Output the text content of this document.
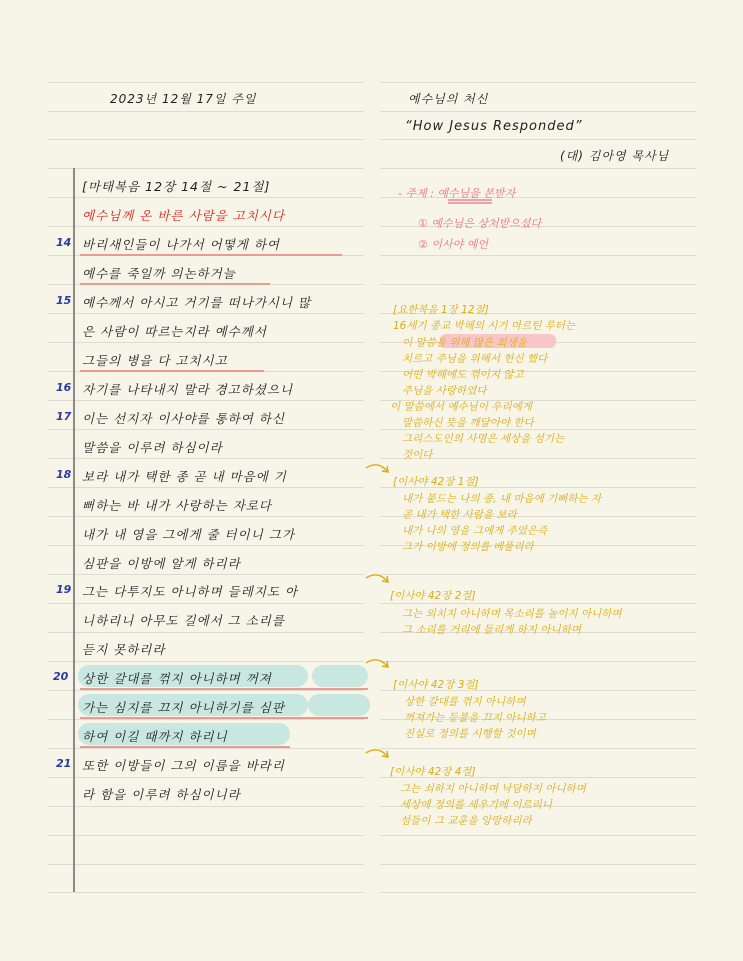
2023년 12월 17일 주일	예수님의 처신
“How Jesus Responded”
(대) 김아영 목사님
[마태복음 12장 14절 ~ 21절]
예수님께 온 바른 사람을 고치시다
14 바리새인들이 나가서 어떻게 하여
예수를 죽일까 의논하거늘
15 예수께서 아시고 거기를 떠나가시니 많
은 사람이 따르는지라 예수께서
그들의 병을 다 고치시고
16 자기를 나타내지 말라 경고하셨으니
17 이는 선지자 이사야를 통하여 하신
말씀을 이루려 하심이라
18 보라 내가 택한 종 곧 내 마음에 기
뻐하는 바 내가 사랑하는 자로다
내가 내 영을 그에게 줄 터이니 그가
심판을 이방에 알게 하리라
19 그는 다투지도 아니하며 들레지도 아
니하리니 아무도 길에서 그 소리를
듣지 못하리라
20 상한 갈대를 꺾지 아니하며 꺼져
가는 심지를 끄지 아니하기를 심판
하여 이길 때까지 하리니
21 또한 이방들이 그의 이름을 바라리
라 함을 이루려 하심이니라
- 주제 : 예수님을 본받자
① 예수님은 상처받으셨다
② 이사야 예언
[요한복음 1장 12절]
16세기 종교 박해의 시기 마르틴 루터는
이 말씀을 위해 많은 희생을
치르고 주님을 위해서 헌신 했다
어떤 박해에도 꺾이지 않고
주님을 사랑하였다
이 말씀에서 예수님이 우리에게
말씀하신 뜻을 깨달아야 한다
그리스도인의 사명은 세상을 섬기는
것이다
[이사야 42장 1절]
내가 붙드는 나의 종, 내 마음에 기뻐하는 자
곧 내가 택한 사람을 보라
내가 나의 영을 그에게 주었은즉
그가 이방에 정의를 베풀리라
[이사야 42장 2절]
그는 외치지 아니하며 목소리를 높이지 아니하며
그 소리를 거리에 들리게 하지 아니하며
[이사야 42장 3절]
상한 갈대를 꺾지 아니하며
꺼져가는 등불을 끄지 아니하고
진실로 정의를 시행할 것이며
[이사야 42장 4절]
그는 쇠하지 아니하며 낙담하지 아니하며
세상에 정의를 세우기에 이르리니
섬들이 그 교훈을 앙망하리라
